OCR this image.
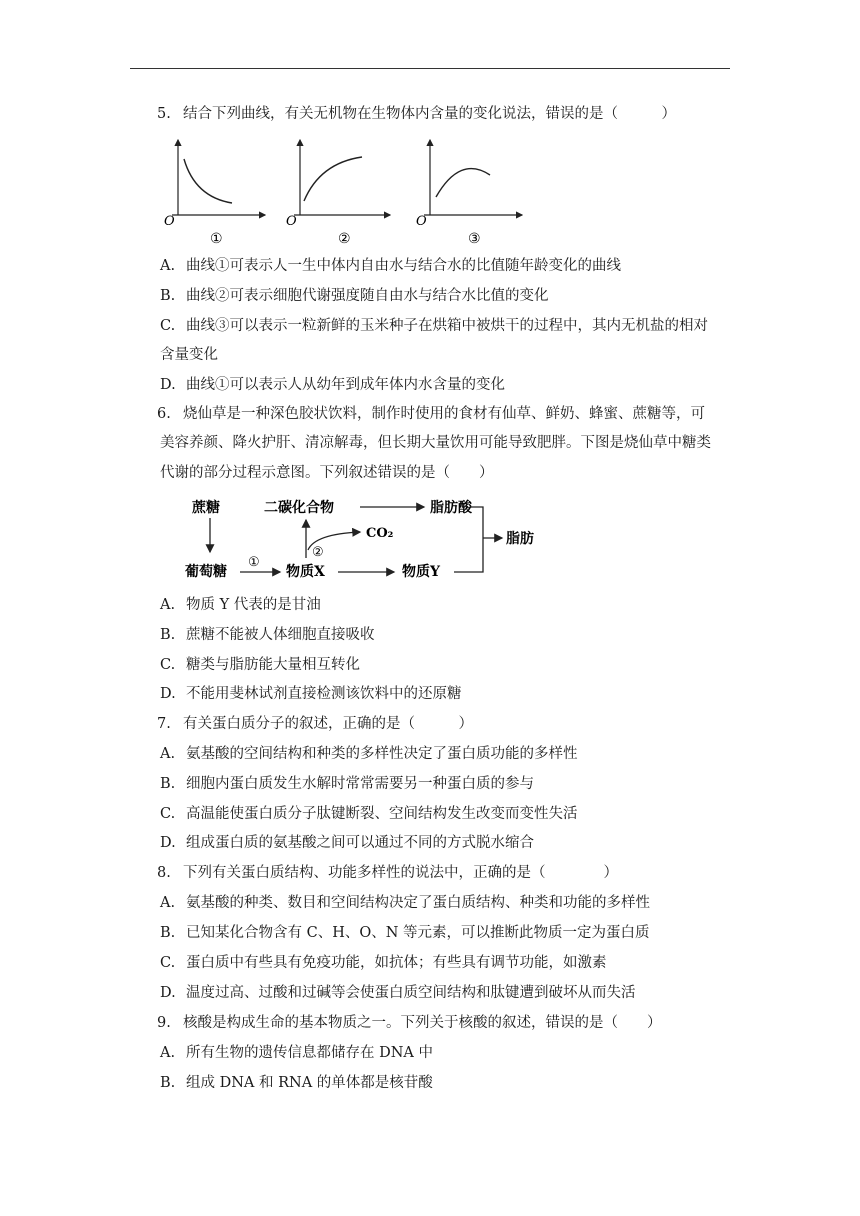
5. 结合下列曲线，有关无机物在生物体内含量的变化说法，错误的是（　　　）
O
①
O
②
O
③
A. 曲线①可表示人一生中体内自由水与结合水的比值随年龄变化的曲线
B. 曲线②可表示细胞代谢强度随自由水与结合水比值的变化
C. 曲线③可以表示一粒新鲜的玉米种子在烘箱中被烘干的过程中，其内无机盐的相对
含量变化
D. 曲线①可以表示人从幼年到成年体内水含量的变化
6. 烧仙草是一种深色胶状饮料，制作时使用的食材有仙草、鲜奶、蜂蜜、蔗糖等，可
美容养颜、降火护肝、清凉解毒，但长期大量饮用可能导致肥胖。下图是烧仙草中糖类
代谢的部分过程示意图。下列叙述错误的是（　　）
蔗糖
葡萄糖
①
物质X
二碳化合物
CO₂
②
脂肪酸
物质Y
脂肪
A. 物质 Y 代表的是甘油
B. 蔗糖不能被人体细胞直接吸收
C. 糖类与脂肪能大量相互转化
D. 不能用斐林试剂直接检测该饮料中的还原糖
7. 有关蛋白质分子的叙述，正确的是（　　　）
A. 氨基酸的空间结构和种类的多样性决定了蛋白质功能的多样性
B. 细胞内蛋白质发生水解时常常需要另一种蛋白质的参与
C. 高温能使蛋白质分子肽键断裂、空间结构发生改变而变性失活
D. 组成蛋白质的氨基酸之间可以通过不同的方式脱水缩合
8. 下列有关蛋白质结构、功能多样性的说法中，正确的是（　　　　）
A. 氨基酸的种类、数目和空间结构决定了蛋白质结构、种类和功能的多样性
B. 已知某化合物含有 C、H、O、N 等元素，可以推断此物质一定为蛋白质
C. 蛋白质中有些具有免疫功能，如抗体；有些具有调节功能，如激素
D. 温度过高、过酸和过碱等会使蛋白质空间结构和肽键遭到破坏从而失活
9. 核酸是构成生命的基本物质之一。下列关于核酸的叙述，错误的是（　　）
A. 所有生物的遗传信息都储存在 DNA 中
B. 组成 DNA 和 RNA 的单体都是核苷酸
